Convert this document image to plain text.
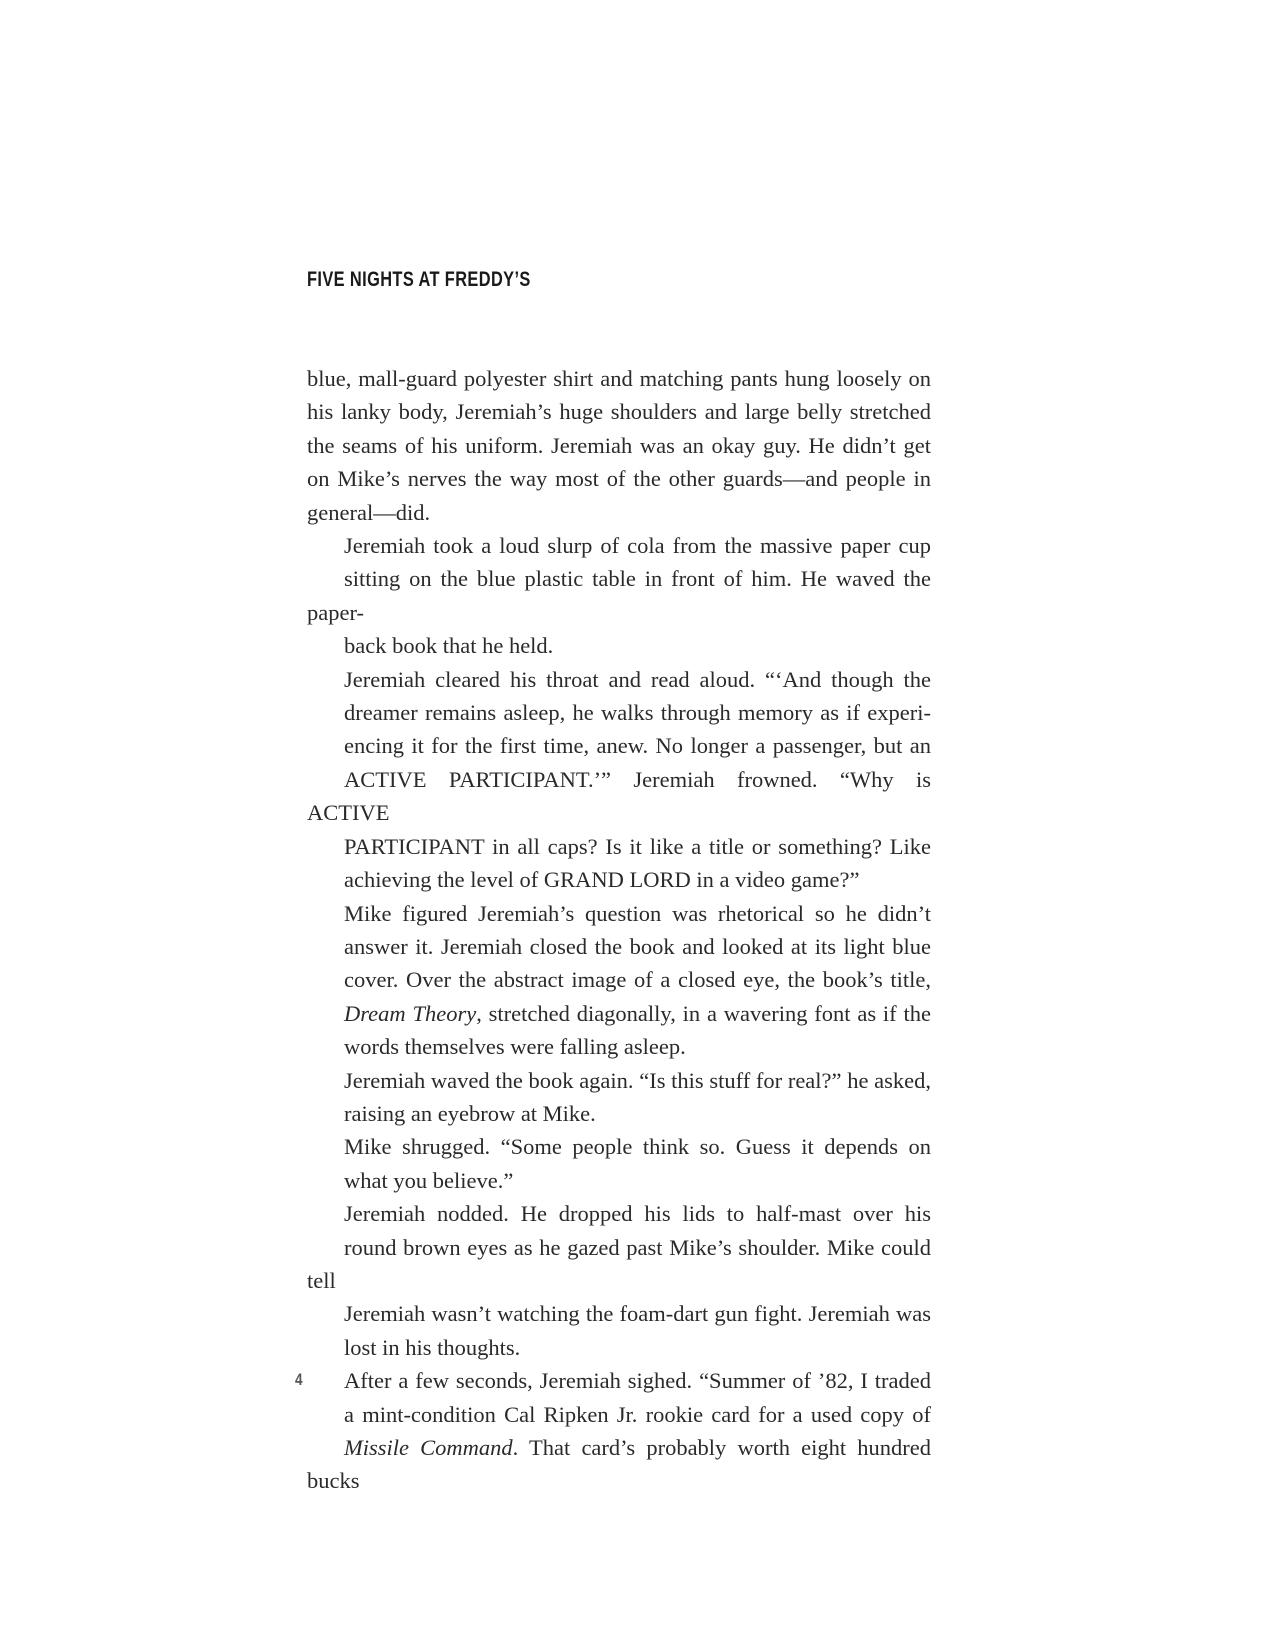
FIVE NIGHTS AT FREDDY’S

blue, mall-guard polyester shirt and matching pants hung loosely on
his lanky body, Jeremiah’s huge shoulders and large belly stretched
the seams of his uniform. Jeremiah was an okay guy. He didn’t get
on Mike’s nerves the way most of the other guards—and people in
general—did.

Jeremiah took a loud slurp of cola from the massive paper cup
sitting on the blue plastic table in front of him. He waved the paper-
back book that he held.

Jeremiah cleared his throat and read aloud. “‘And though the
dreamer remains asleep, he walks through memory as if experi-
encing it for the first time, anew. No longer a passenger, but an
ACTIVE PARTICIPANT.’” Jeremiah frowned. “Why is ACTIVE
PARTICIPANT in all caps? Is it like a title or something? Like
achieving the level of GRAND LORD in a video game?”

Mike figured Jeremiah’s question was rhetorical so he didn’t
answer it. Jeremiah closed the book and looked at its light blue
cover. Over the abstract image of a closed eye, the book’s title,
Dream Theory, stretched diagonally, in a wavering font as if the
words themselves were falling asleep.

Jeremiah waved the book again. “Is this stuff for real?” he asked,
raising an eyebrow at Mike.

Mike shrugged. “Some people think so. Guess it depends on
what you believe.”

Jeremiah nodded. He dropped his lids to half-mast over his
round brown eyes as he gazed past Mike’s shoulder. Mike could tell
Jeremiah wasn’t watching the foam-dart gun fight. Jeremiah was
lost in his thoughts.

After a few seconds, Jeremiah sighed. “Summer of ’82, I traded
a mint-condition Cal Ripken Jr. rookie card for a used copy of
Missile Command. That card’s probably worth eight hundred bucks

4
